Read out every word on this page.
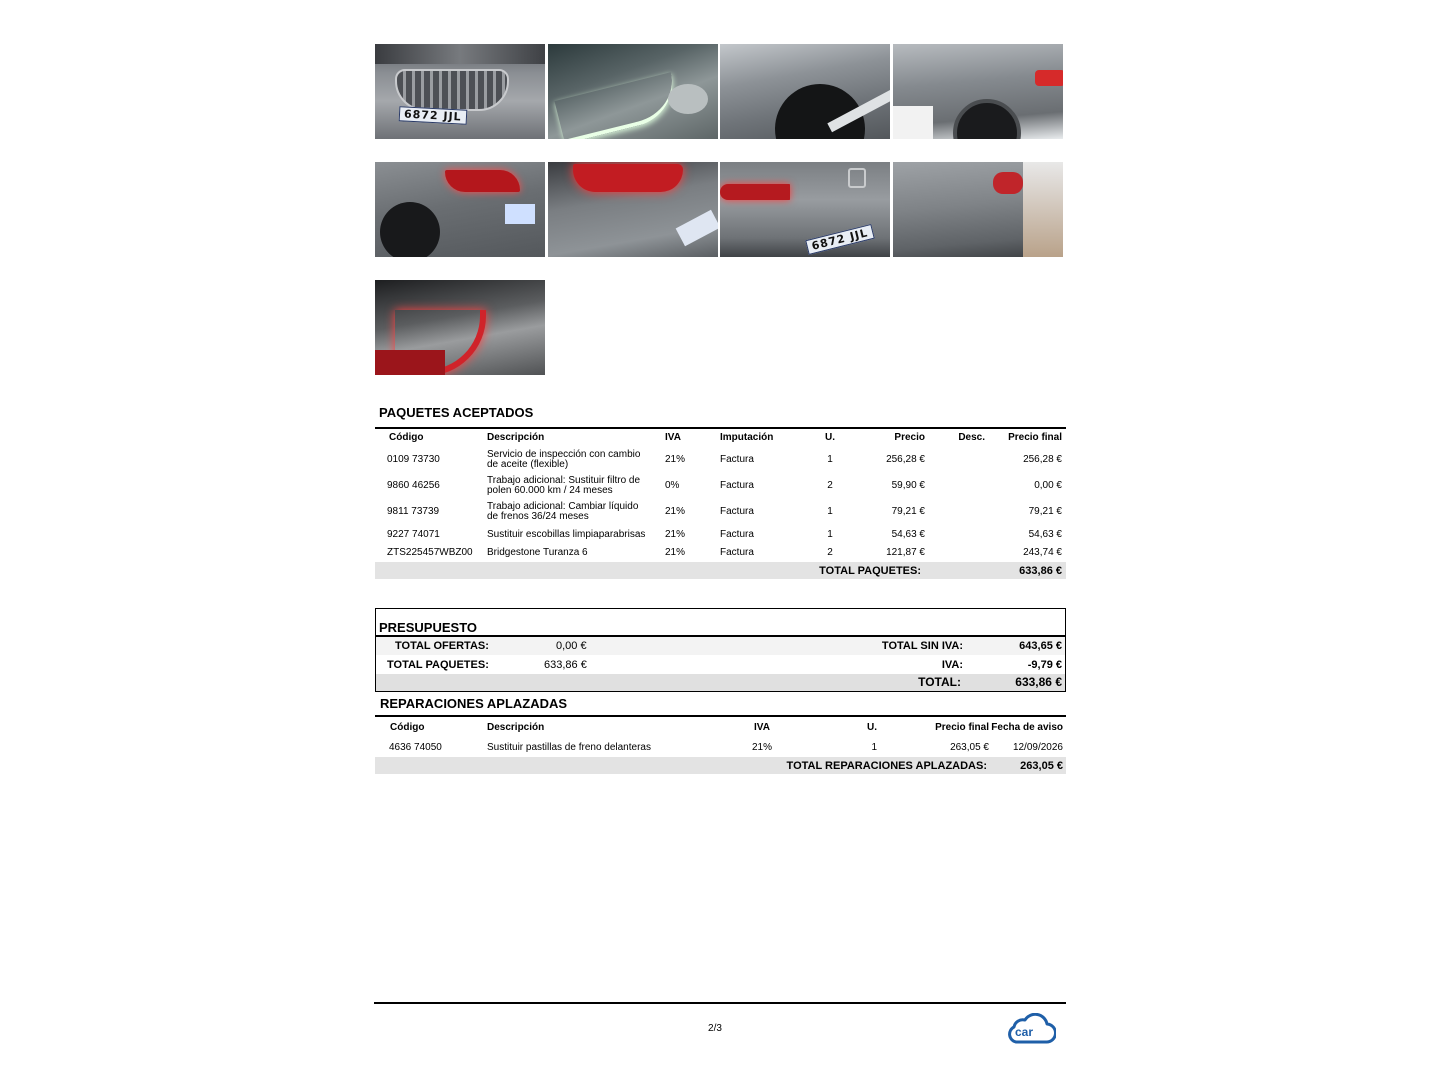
6872 JJL
6872 JJL
PAQUETES ACEPTADOS
Código	Descripción	IVA	Imputación	U.	Precio	Desc.	Precio final
0109 73730	Servicio de inspección con cambio
de aceite (flexible)	21%	Factura	1	256,28 €		256,28 €
9860 46256	Trabajo adicional: Sustituir filtro de
polen 60.000 km / 24 meses	0%	Factura	2	59,90 €		0,00 €
9811 73739	Trabajo adicional: Cambiar líquido
de frenos 36/24 meses	21%	Factura	1	79,21 €		79,21 €
9227 74071	Sustituir escobillas limpiaparabrisas	21%	Factura	1	54,63 €		54,63 €
ZTS225457WBZ00	Bridgestone Turanza 6	21%	Factura	2	121,87 €		243,74 €
TOTAL PAQUETES:						633,86 €	
PRESUPUESTO
TOTAL OFERTAS:	0,00 €
TOTAL PAQUETES:	633,86 €
TOTAL SIN IVA:	643,65 €
IVA:	-9,79 €
TOTAL:	633,86 €
REPARACIONES APLAZADAS
Código	Descripción	IVA	U.	Precio final	Fecha de aviso
4636 74050	Sustituir pastillas de freno delanteras	21%	1	263,05 €	12/09/2026
TOTAL REPARACIONES APLAZADAS:					263,05 €
2/3	car
